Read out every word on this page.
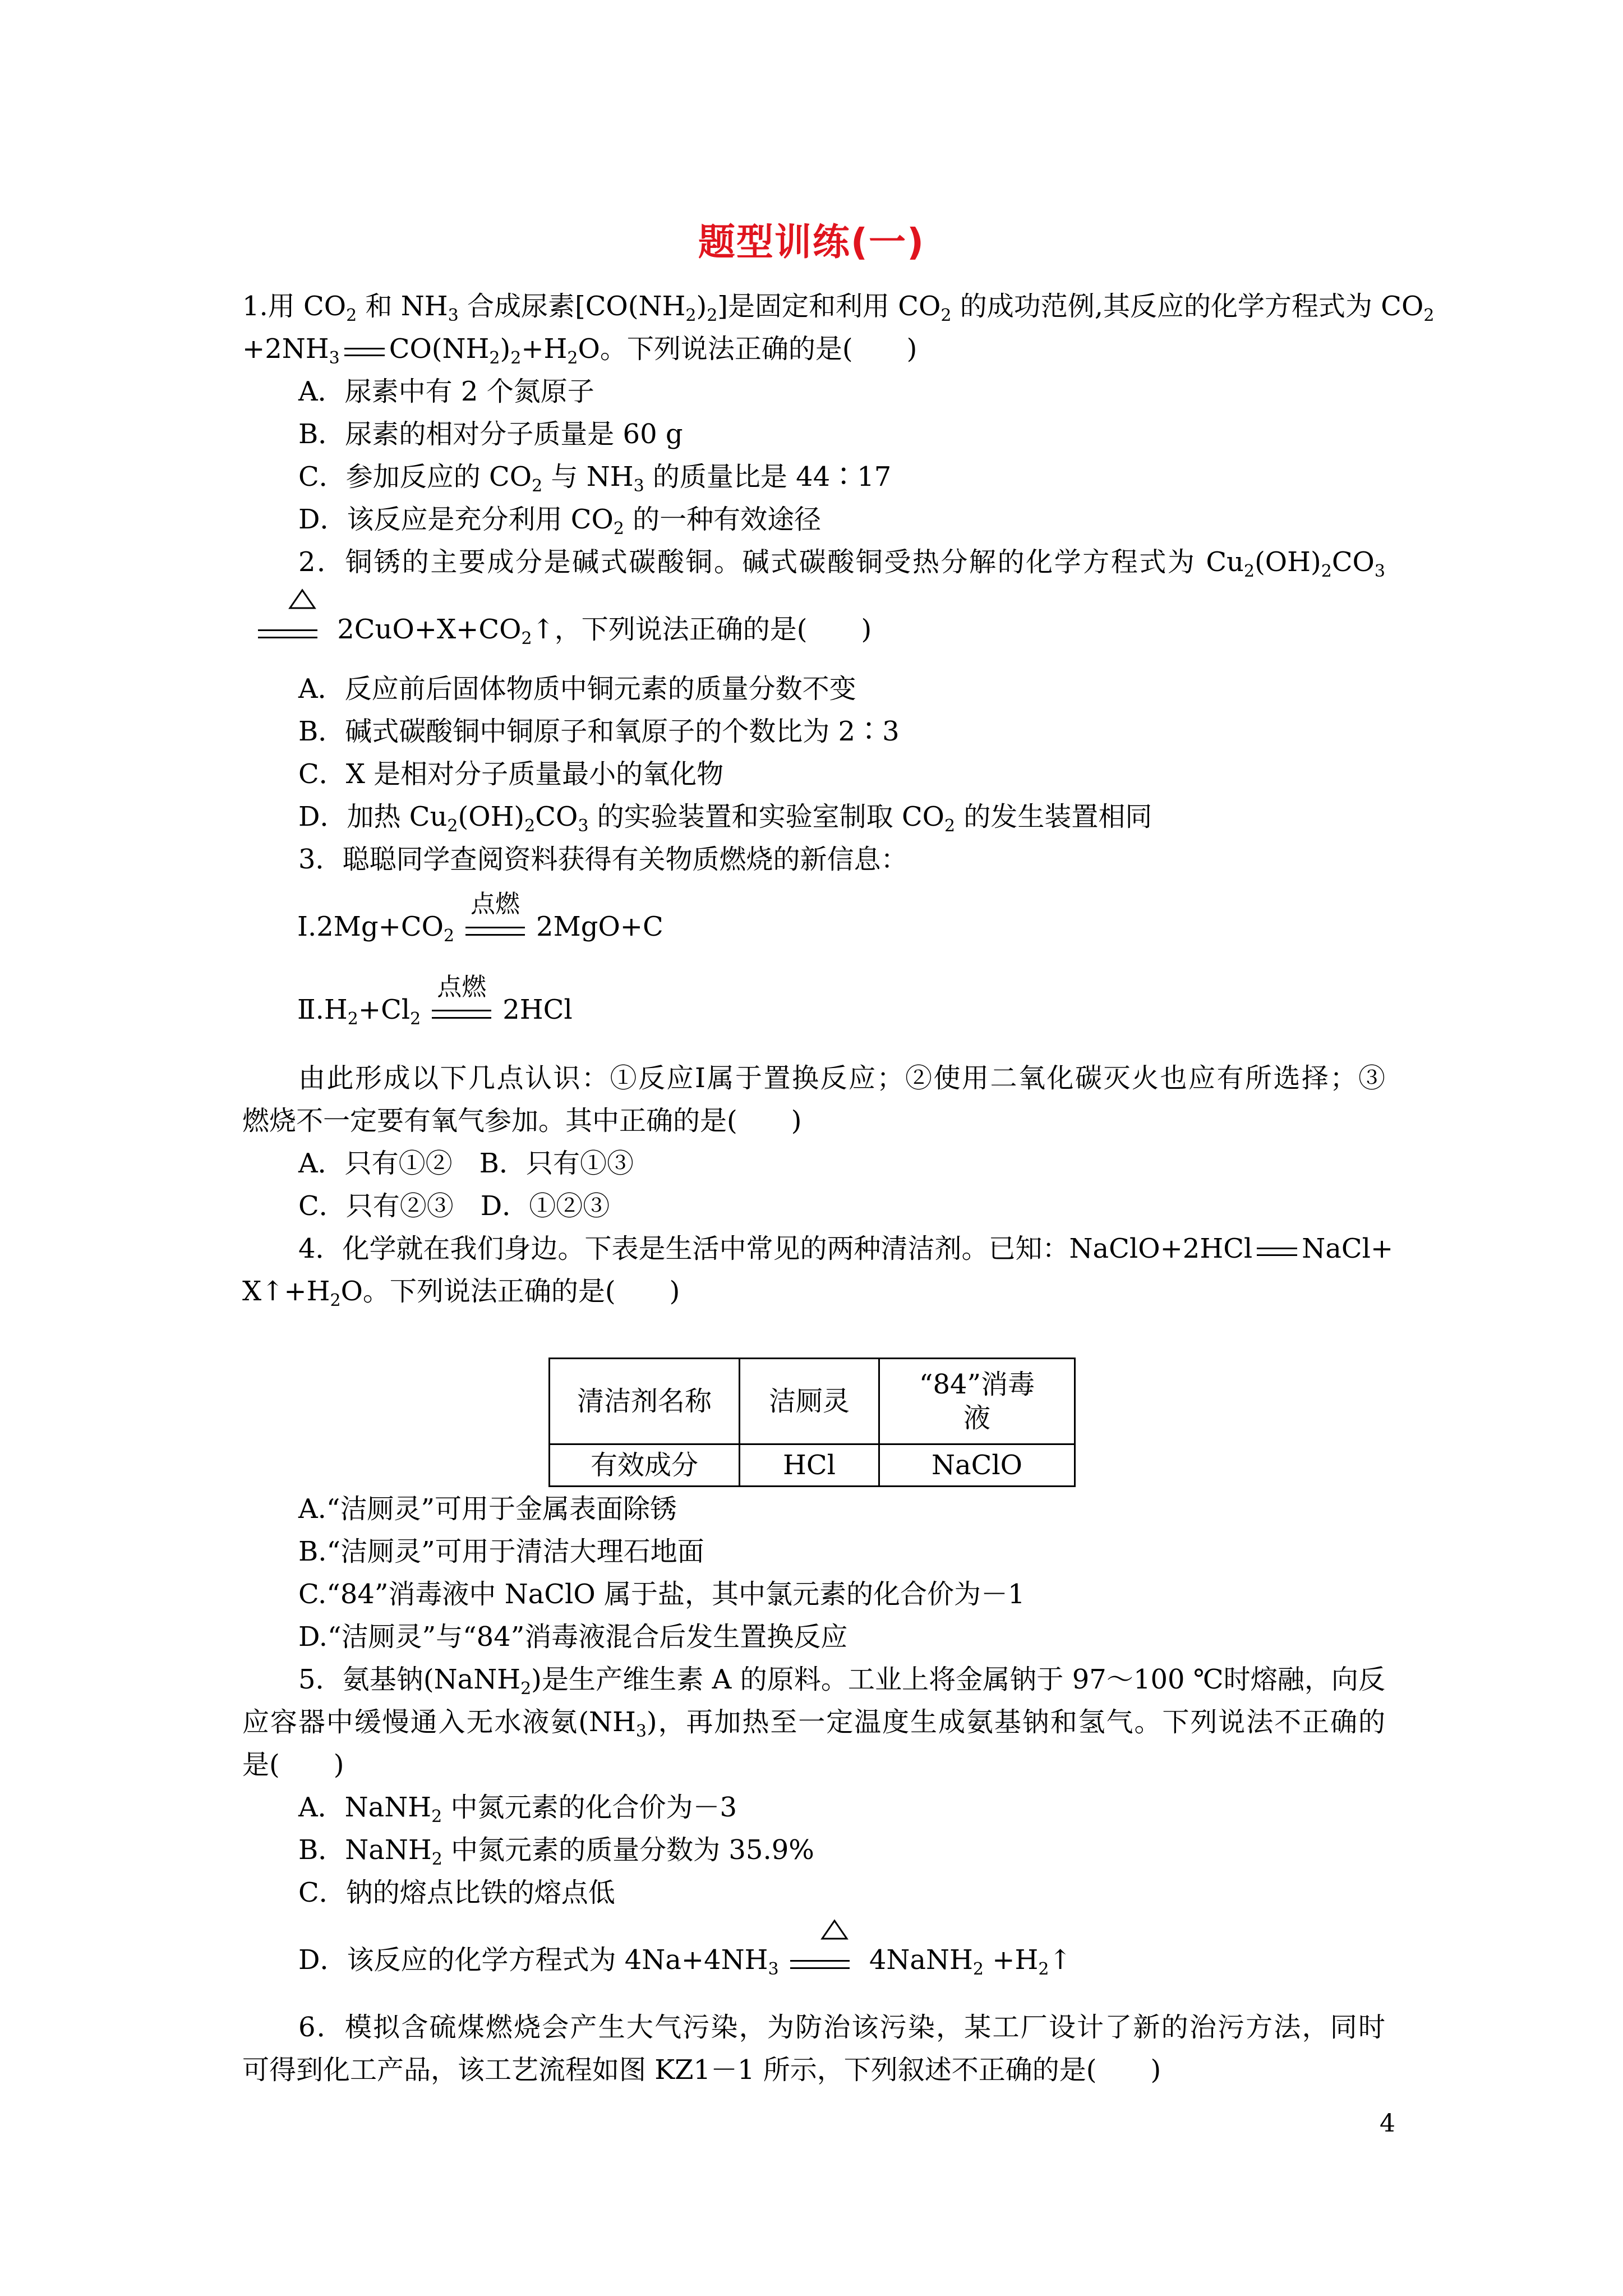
题型训练(一)
1.用 $CO_2$ 和 $NH_3$ 合成尿素$[CO(NH_2)_2]$是固定和利用 $CO_2$ 的成功范例,其反应的化学方程式为 $CO_2$
$+2NH_3$ $CO(NH_2)_2+H_2O$。下列说法正确的是(　　)
A．尿素中有 2 个氮原子
B．尿素的相对分子质量是 60 g
C．参加反应的 $CO_2$ 与 $NH_3$ 的质量比是 44∶17
D．该反应是充分利用 $CO_2$ 的一种有效途径
2．铜锈的主要成分是碱式碳酸铜。碱式碳酸铜受热分解的化学方程式为 $Cu_2(OH)_2CO_3$
$2CuO+X+CO_2↑$，下列说法正确的是(　　)
A．反应前后固体物质中铜元素的质量分数不变
B．碱式碳酸铜中铜原子和氧原子的个数比为 2∶3
C．X 是相对分子质量最小的氧化物
D．加热 $Cu_2(OH)_2CO_3$ 的实验装置和实验室制取 $CO_2$ 的发生装置相同
3．聪聪同学查阅资料获得有关物质燃烧的新信息：
$Ⅰ.2Mg+CO_2$
点燃
2MgO+C
$Ⅱ.H_2+Cl_2$
点燃
2HCl
由此形成以下几点认识：①反应Ⅰ属于置换反应；②使用二氧化碳灭火也应有所选择；③
燃烧不一定要有氧气参加。其中正确的是(　　)
A．只有①②　B．只有①③
C．只有②③　D．①②③
4．化学就在我们身边。下表是生活中常见的两种清洁剂。已知：NaClO+2HCl NaCl+
$X↑+H_2O$。下列说法正确的是(　　)
清洁剂名称	洁厕灵	“84”消毒
液
有效成分	HCl	NaClO
A.“洁厕灵”可用于金属表面除锈
B.“洁厕灵”可用于清洁大理石地面
C.“84”消毒液中 NaClO 属于盐，其中氯元素的化合价为－1
D.“洁厕灵”与“84”消毒液混合后发生置换反应
5．氨基钠(NaNH$_2$)是生产维生素 A 的原料。工业上将金属钠于 97～100 ℃时熔融，向反
应容器中缓慢通入无水液氨$(NH_3)$，再加热至一定温度生成氨基钠和氢气。下列说法不正确的
是(　　)
A．NaNH$_2$ 中氮元素的化合价为－3
B．NaNH$_2$ 中氮元素的质量分数为 35.9%
C．钠的熔点比铁的熔点低
D．该反应的化学方程式为 $4Na+4NH_3$	4NaNH$_2$ $+H_2↑$
6．模拟含硫煤燃烧会产生大气污染，为防治该污染，某工厂设计了新的治污方法，同时
可得到化工产品，该工艺流程如图 KZ1－1 所示，下列叙述不正确的是(　　)
4
